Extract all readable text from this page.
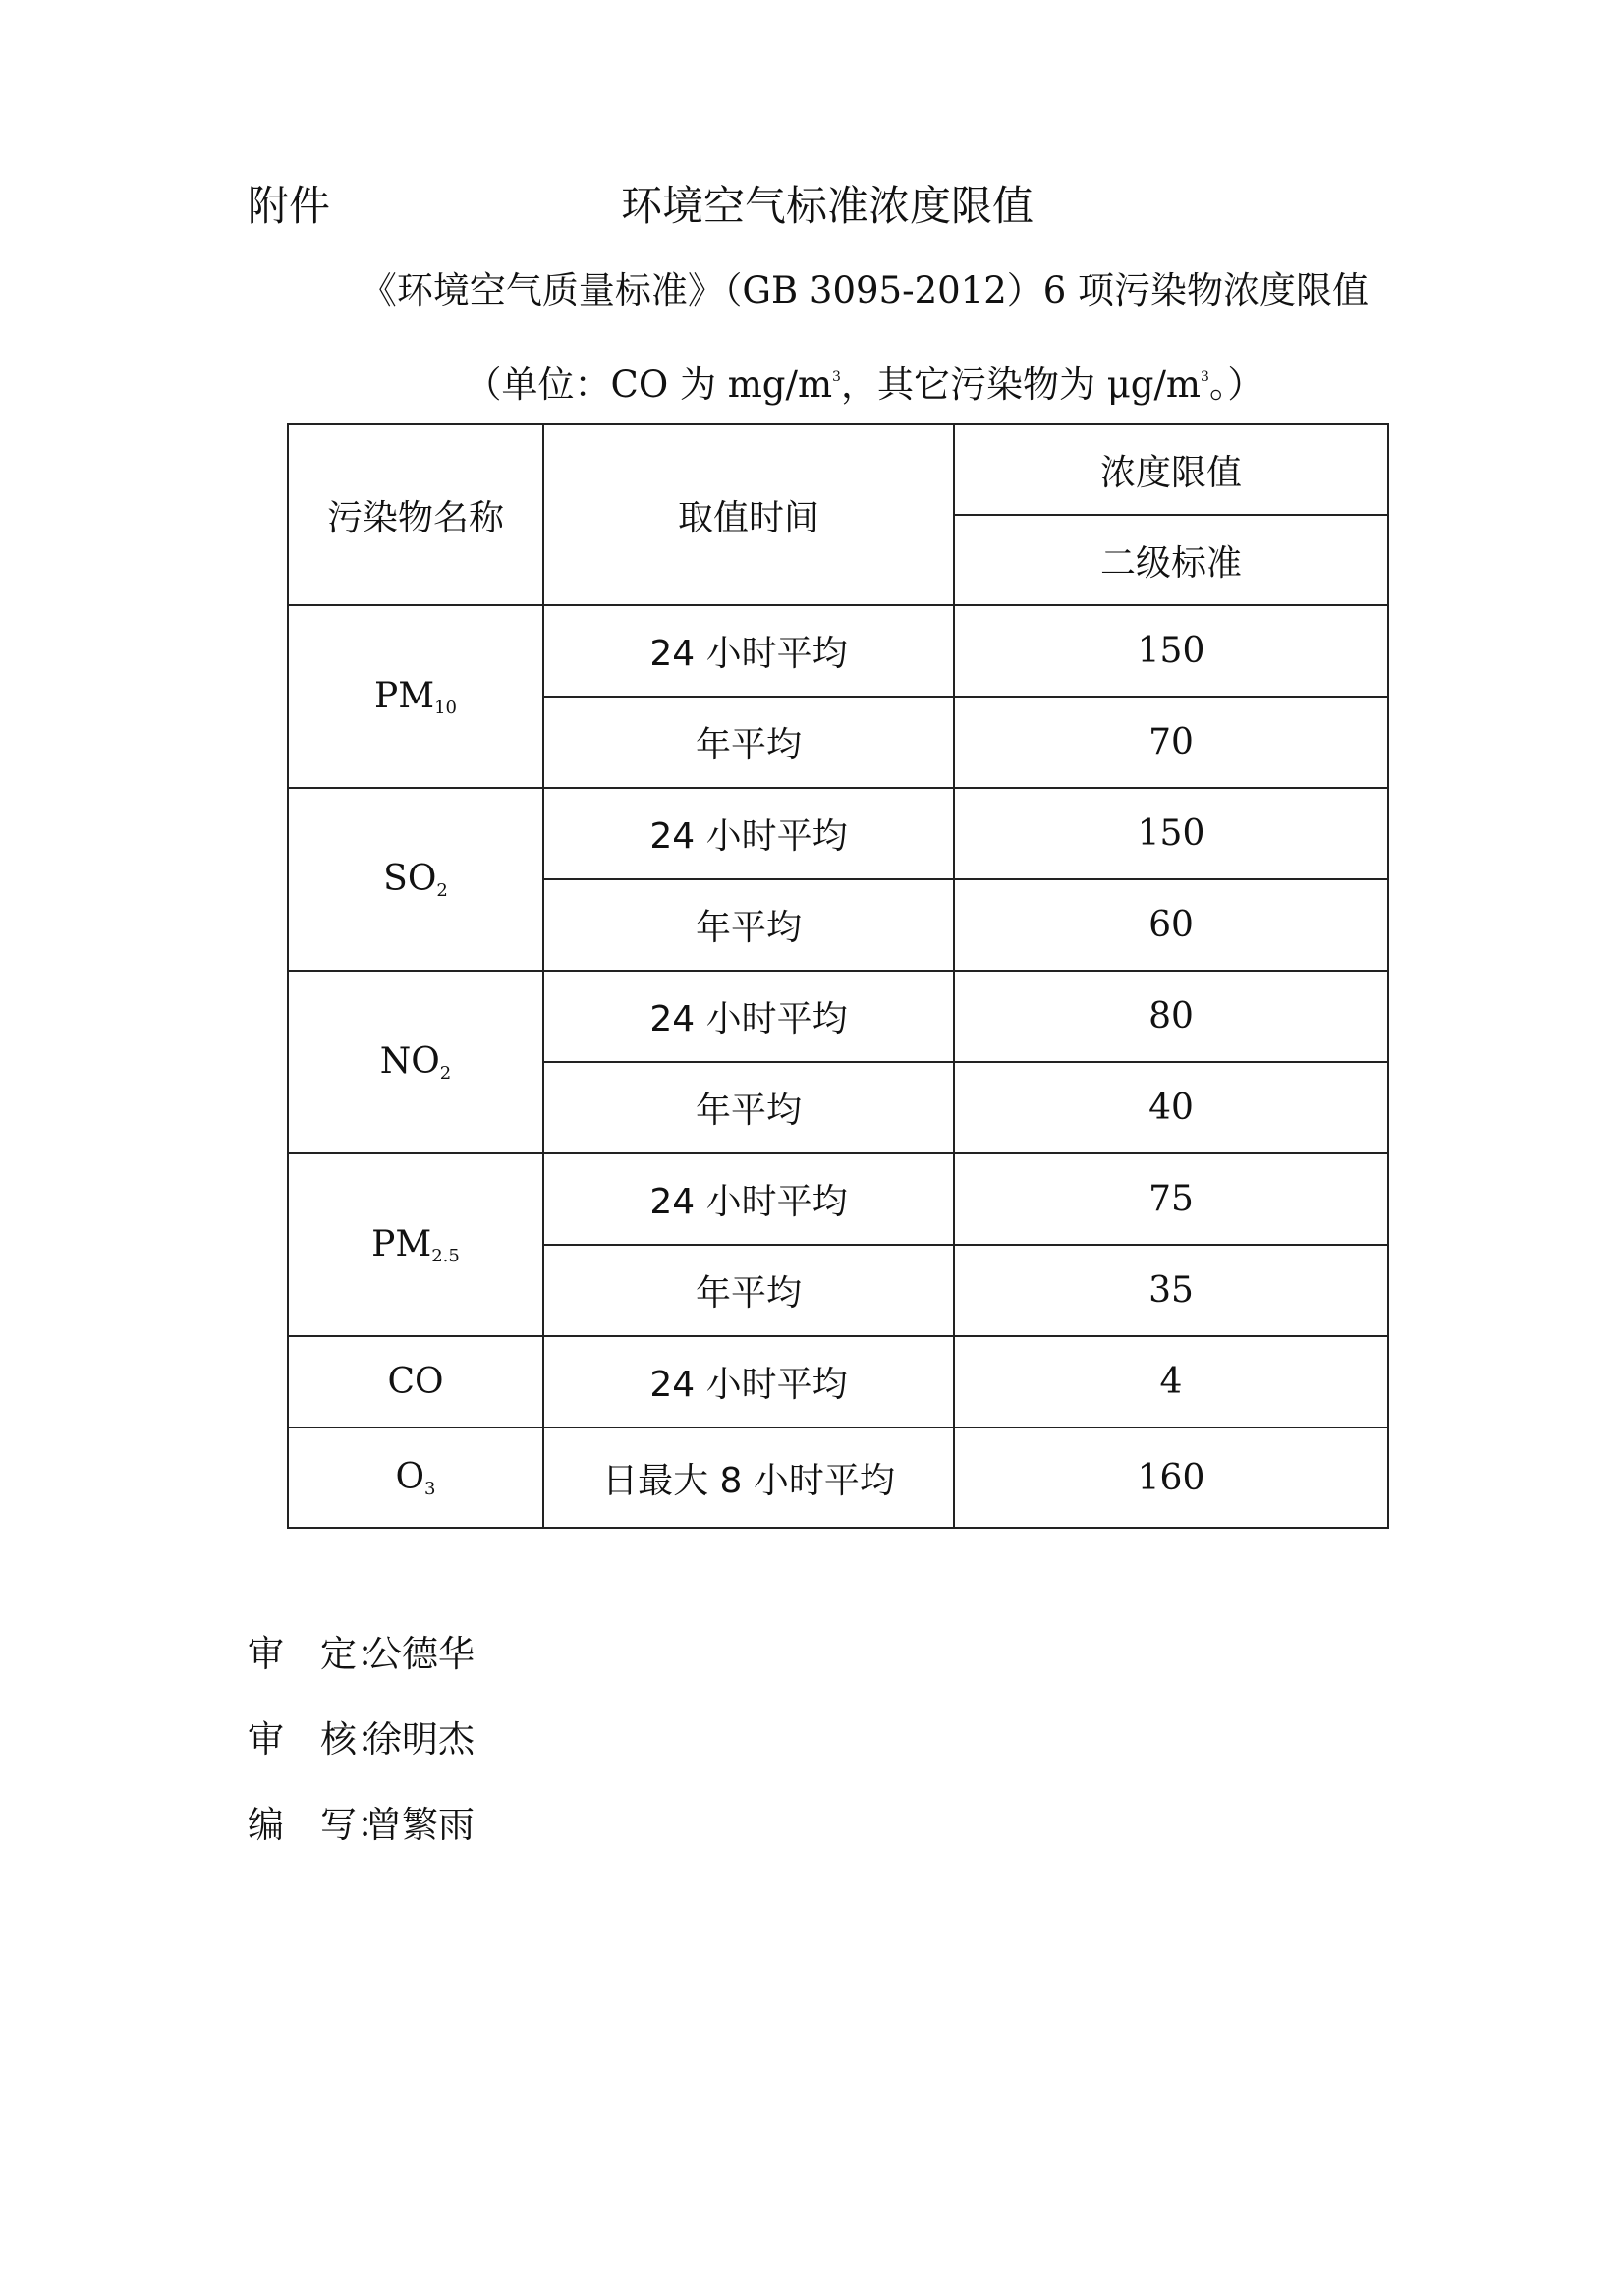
附件	环境空气标准浓度限值
《环境空气质量标准》（GB 3095-2012）6 项污染物浓度限值
（单位：CO 为 $mg/m^3$，其它污染物为 $\mu g/m^3$。）
污染物名称	取值时间	浓度限值
		二级标准
$PM_{10}$	24 小时平均	150
	年平均	70
$SO_2$	24 小时平均	150
	年平均	60
$NO_2$	24 小时平均	80
	年平均	40
$PM_{2.5}$	24 小时平均	75
	年平均	35
CO	24 小时平均	4
$O_3$	日最大 8 小时平均	160
审　定：公德华
审　核：徐明杰
编　写：曾繁雨
